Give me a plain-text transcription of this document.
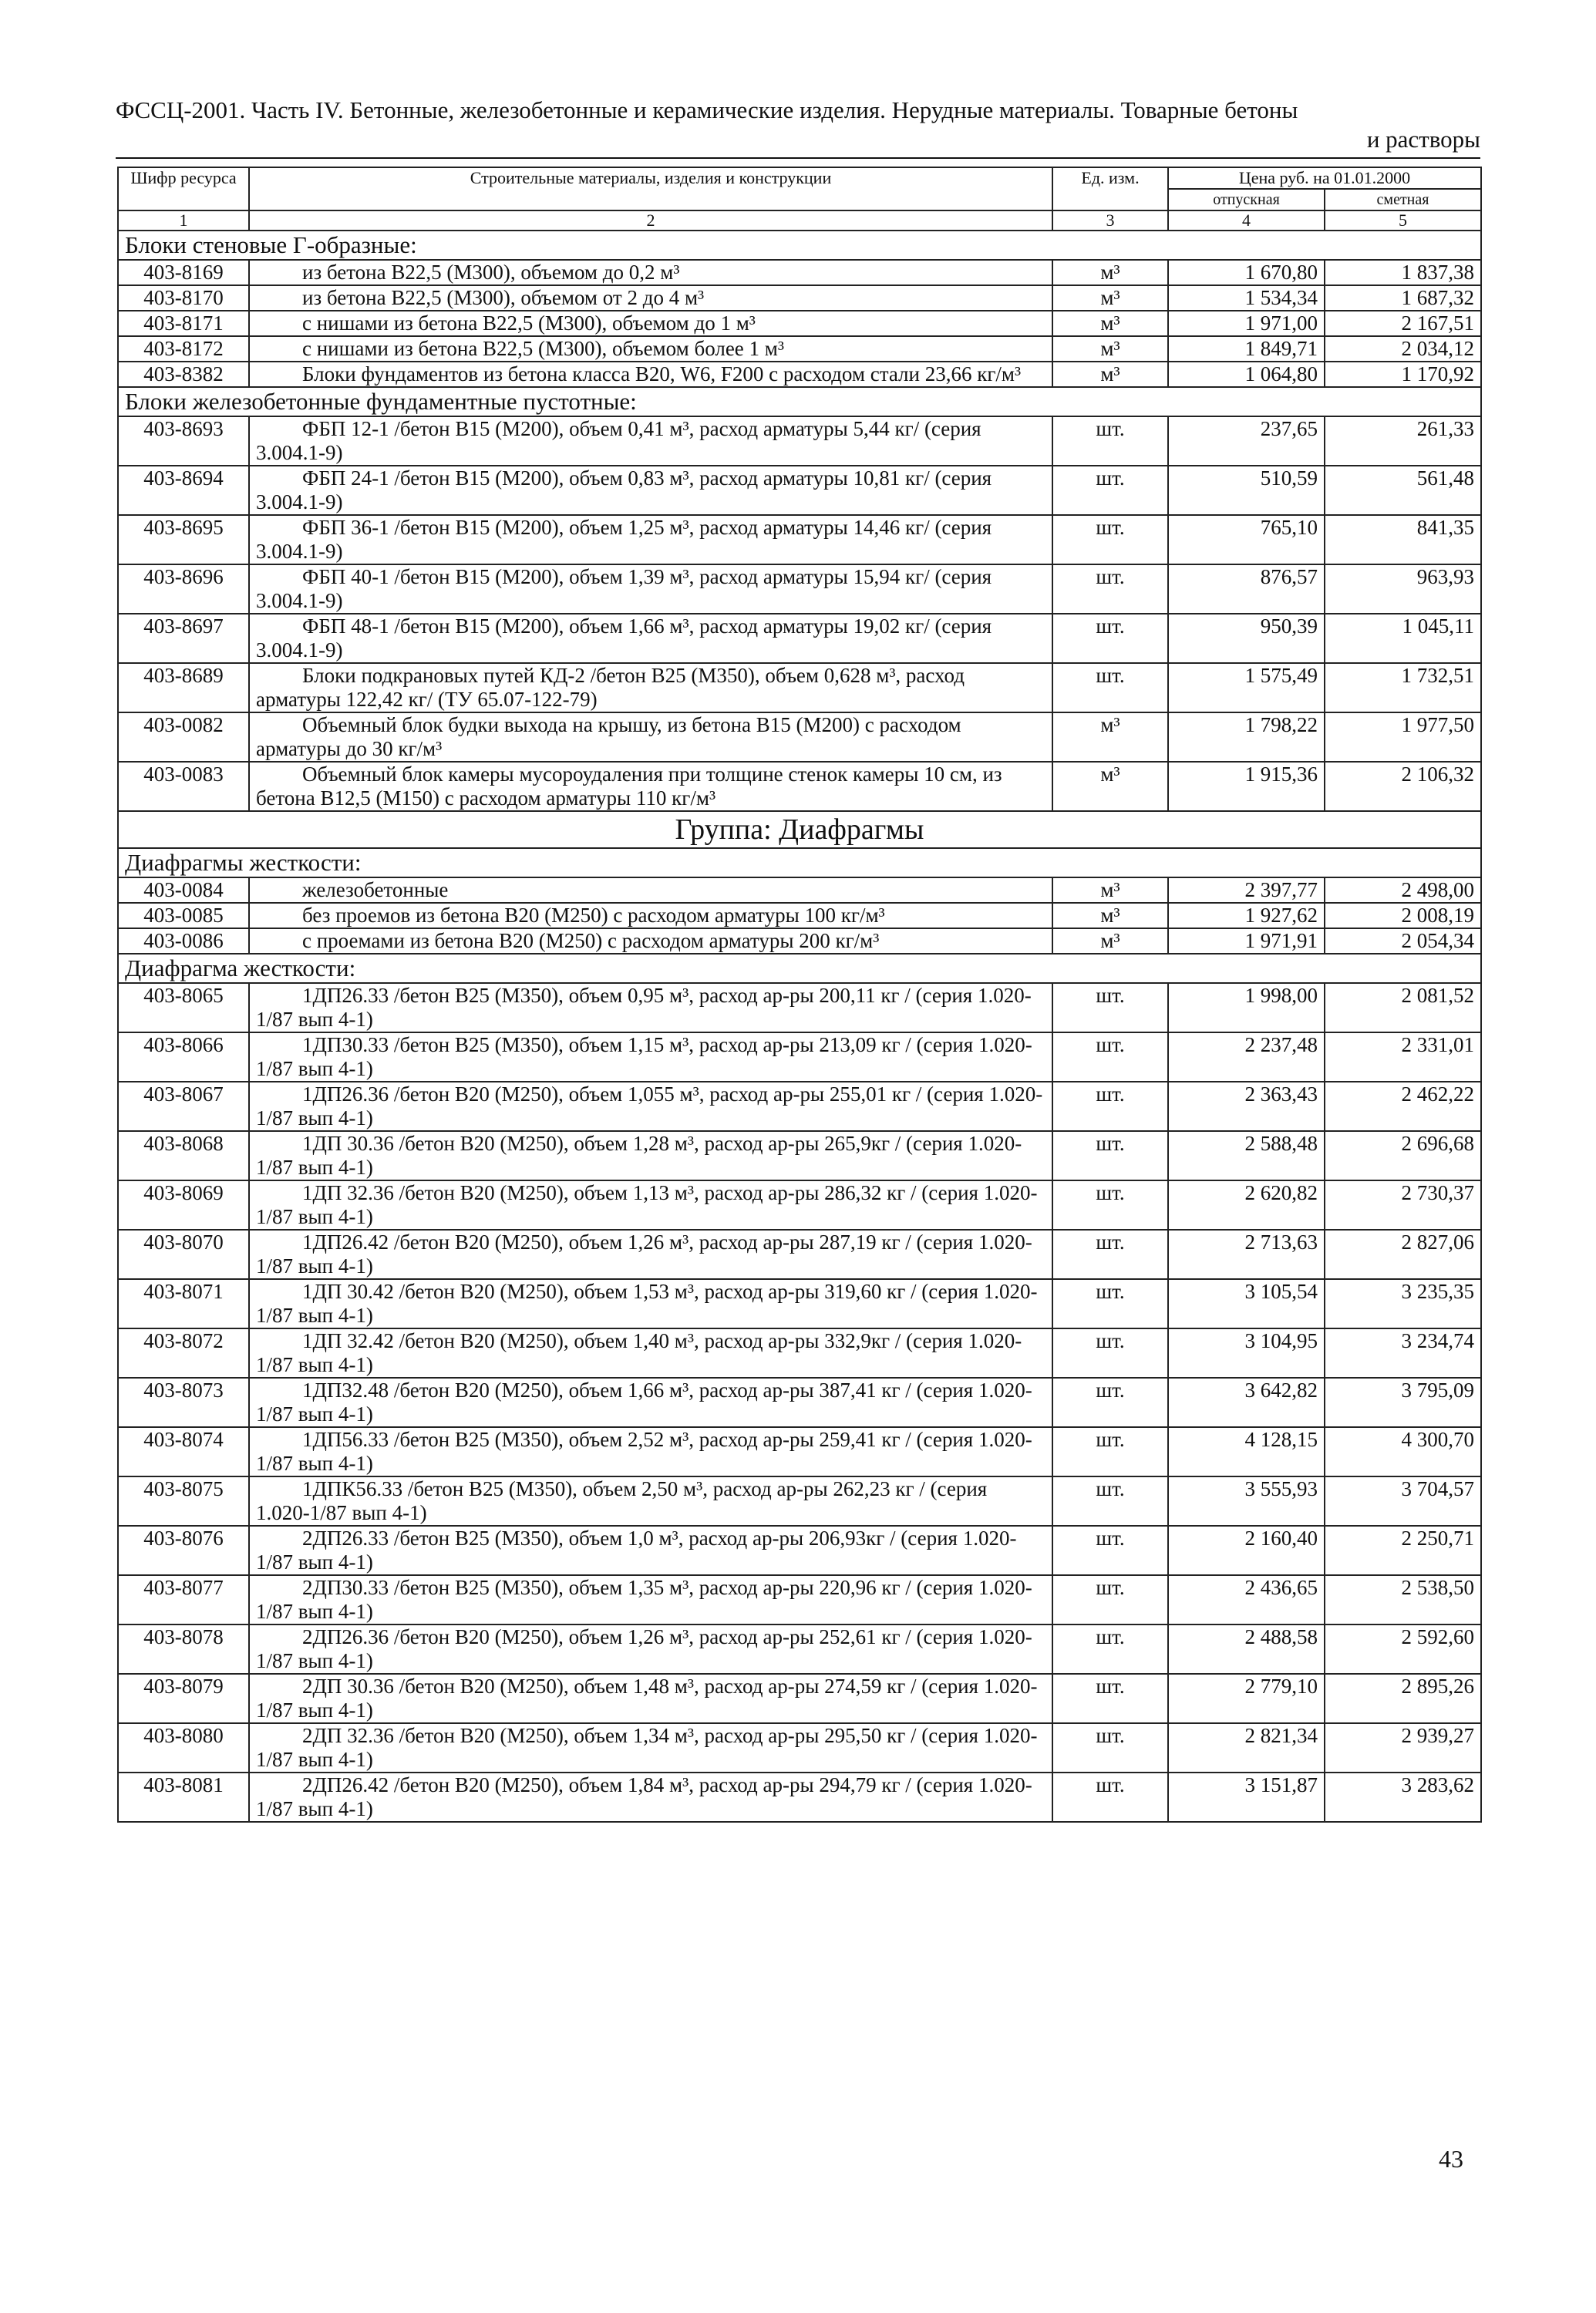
ФССЦ-2001. Часть IV. Бетонные, железобетонные и керамические изделия. Нерудные материалы. Товарные бетоны
и растворы
Шифр ресурса	Строительные материалы, изделия и конструкции	Ед. изм.	Цена руб. на 01.01.2000	
			отпускная	сметная
1	2	3	4	5
Блоки стеновые Г-образные:				
403-8169	из бетона В22,5 (М300), объемом до 0,2 м³	м³	1 670,80	1 837,38
403-8170	из бетона В22,5 (М300), объемом от 2 до 4 м³	м³	1 534,34	1 687,32
403-8171	с нишами из бетона В22,5 (М300), объемом до 1 м³	м³	1 971,00	2 167,51
403-8172	с нишами из бетона В22,5 (М300), объемом более 1 м³	м³	1 849,71	2 034,12
403-8382	Блоки фундаментов из бетона класса В20, W6, F200 с расходом стали 23,66 кг/м³	м³	1 064,80	1 170,92
Блоки железобетонные фундаментные пустотные:				
403-8693	ФБП 12-1 /бетон В15 (М200), объем 0,41 м³, расход арматуры 5,44 кг/ (серия 3.004.1-9)	шт.	237,65	261,33
403-8694	ФБП 24-1 /бетон В15 (М200), объем 0,83 м³, расход арматуры 10,81 кг/ (серия 3.004.1-9)	шт.	510,59	561,48
403-8695	ФБП 36-1 /бетон В15 (М200), объем 1,25 м³, расход арматуры 14,46 кг/ (серия 3.004.1-9)	шт.	765,10	841,35
403-8696	ФБП 40-1 /бетон В15 (М200), объем 1,39 м³, расход арматуры 15,94 кг/ (серия 3.004.1-9)	шт.	876,57	963,93
403-8697	ФБП 48-1 /бетон В15 (М200), объем 1,66 м³, расход арматуры 19,02 кг/ (серия 3.004.1-9)	шт.	950,39	1 045,11
403-8689	Блоки подкрановых путей КД-2 /бетон В25 (М350), объем 0,628 м³, расход арматуры 122,42 кг/ (ТУ 65.07-122-79)	шт.	1 575,49	1 732,51
403-0082	Объемный блок будки выхода на крышу, из бетона В15 (М200) с расходом арматуры до 30 кг/м³	м³	1 798,22	1 977,50
403-0083	Объемный блок камеры мусороудаления при толщине стенок камеры 10 см, из бетона В12,5 (М150) с расходом арматуры 110 кг/м³	м³	1 915,36	2 106,32
Группа: Диафрагмы				
Диафрагмы жесткости:				
403-0084	железобетонные	м³	2 397,77	2 498,00
403-0085	без проемов из бетона В20 (М250) с расходом арматуры 100 кг/м³	м³	1 927,62	2 008,19
403-0086	с проемами из бетона В20 (М250) с расходом арматуры 200 кг/м³	м³	1 971,91	2 054,34
Диафрагма жесткости:				
403-8065	1ДП26.33 /бетон В25 (М350), объем 0,95 м³, расход ар-ры 200,11 кг / (серия 1.020-1/87 вып 4-1)	шт.	1 998,00	2 081,52
403-8066	1ДП30.33 /бетон В25 (М350), объем 1,15 м³, расход ар-ры 213,09 кг / (серия 1.020-1/87 вып 4-1)	шт.	2 237,48	2 331,01
403-8067	1ДП26.36 /бетон В20 (М250), объем 1,055 м³, расход ар-ры 255,01 кг / (серия 1.020-1/87 вып 4-1)	шт.	2 363,43	2 462,22
403-8068	1ДП 30.36 /бетон В20 (М250), объем 1,28 м³, расход ар-ры 265,9кг / (серия 1.020-1/87 вып 4-1)	шт.	2 588,48	2 696,68
403-8069	1ДП 32.36 /бетон В20 (М250), объем 1,13 м³, расход ар-ры 286,32 кг / (серия 1.020-1/87 вып 4-1)	шт.	2 620,82	2 730,37
403-8070	1ДП26.42 /бетон В20 (М250), объем 1,26 м³, расход ар-ры 287,19 кг / (серия 1.020-1/87 вып 4-1)	шт.	2 713,63	2 827,06
403-8071	1ДП 30.42 /бетон В20 (М250), объем 1,53 м³, расход ар-ры 319,60 кг / (серия 1.020-1/87 вып 4-1)	шт.	3 105,54	3 235,35
403-8072	1ДП 32.42 /бетон В20 (М250), объем 1,40 м³, расход ар-ры 332,9кг / (серия 1.020-1/87 вып 4-1)	шт.	3 104,95	3 234,74
403-8073	1ДП32.48 /бетон В20 (М250), объем 1,66 м³, расход ар-ры 387,41 кг / (серия 1.020-1/87 вып 4-1)	шт.	3 642,82	3 795,09
403-8074	1ДП56.33 /бетон В25 (М350), объем 2,52 м³, расход ар-ры 259,41 кг / (серия 1.020-1/87 вып 4-1)	шт.	4 128,15	4 300,70
403-8075	1ДПК56.33 /бетон В25 (М350), объем 2,50 м³, расход ар-ры 262,23 кг / (серия 1.020-1/87 вып 4-1)	шт.	3 555,93	3 704,57
403-8076	2ДП26.33 /бетон В25 (М350), объем 1,0 м³, расход ар-ры 206,93кг / (серия 1.020-1/87 вып 4-1)	шт.	2 160,40	2 250,71
403-8077	2ДП30.33 /бетон В25 (М350), объем 1,35 м³, расход ар-ры 220,96 кг / (серия 1.020-1/87 вып 4-1)	шт.	2 436,65	2 538,50
403-8078	2ДП26.36 /бетон В20 (М250), объем 1,26 м³, расход ар-ры 252,61 кг / (серия 1.020-1/87 вып 4-1)	шт.	2 488,58	2 592,60
403-8079	2ДП 30.36 /бетон В20 (М250), объем 1,48 м³, расход ар-ры 274,59 кг / (серия 1.020-1/87 вып 4-1)	шт.	2 779,10	2 895,26
403-8080	2ДП 32.36 /бетон В20 (М250), объем 1,34 м³, расход ар-ры 295,50 кг / (серия 1.020-1/87 вып 4-1)	шт.	2 821,34	2 939,27
403-8081	2ДП26.42 /бетон В20 (М250), объем 1,84 м³, расход ар-ры 294,79 кг / (серия 1.020-1/87 вып 4-1)	шт.	3 151,87	3 283,62
43
